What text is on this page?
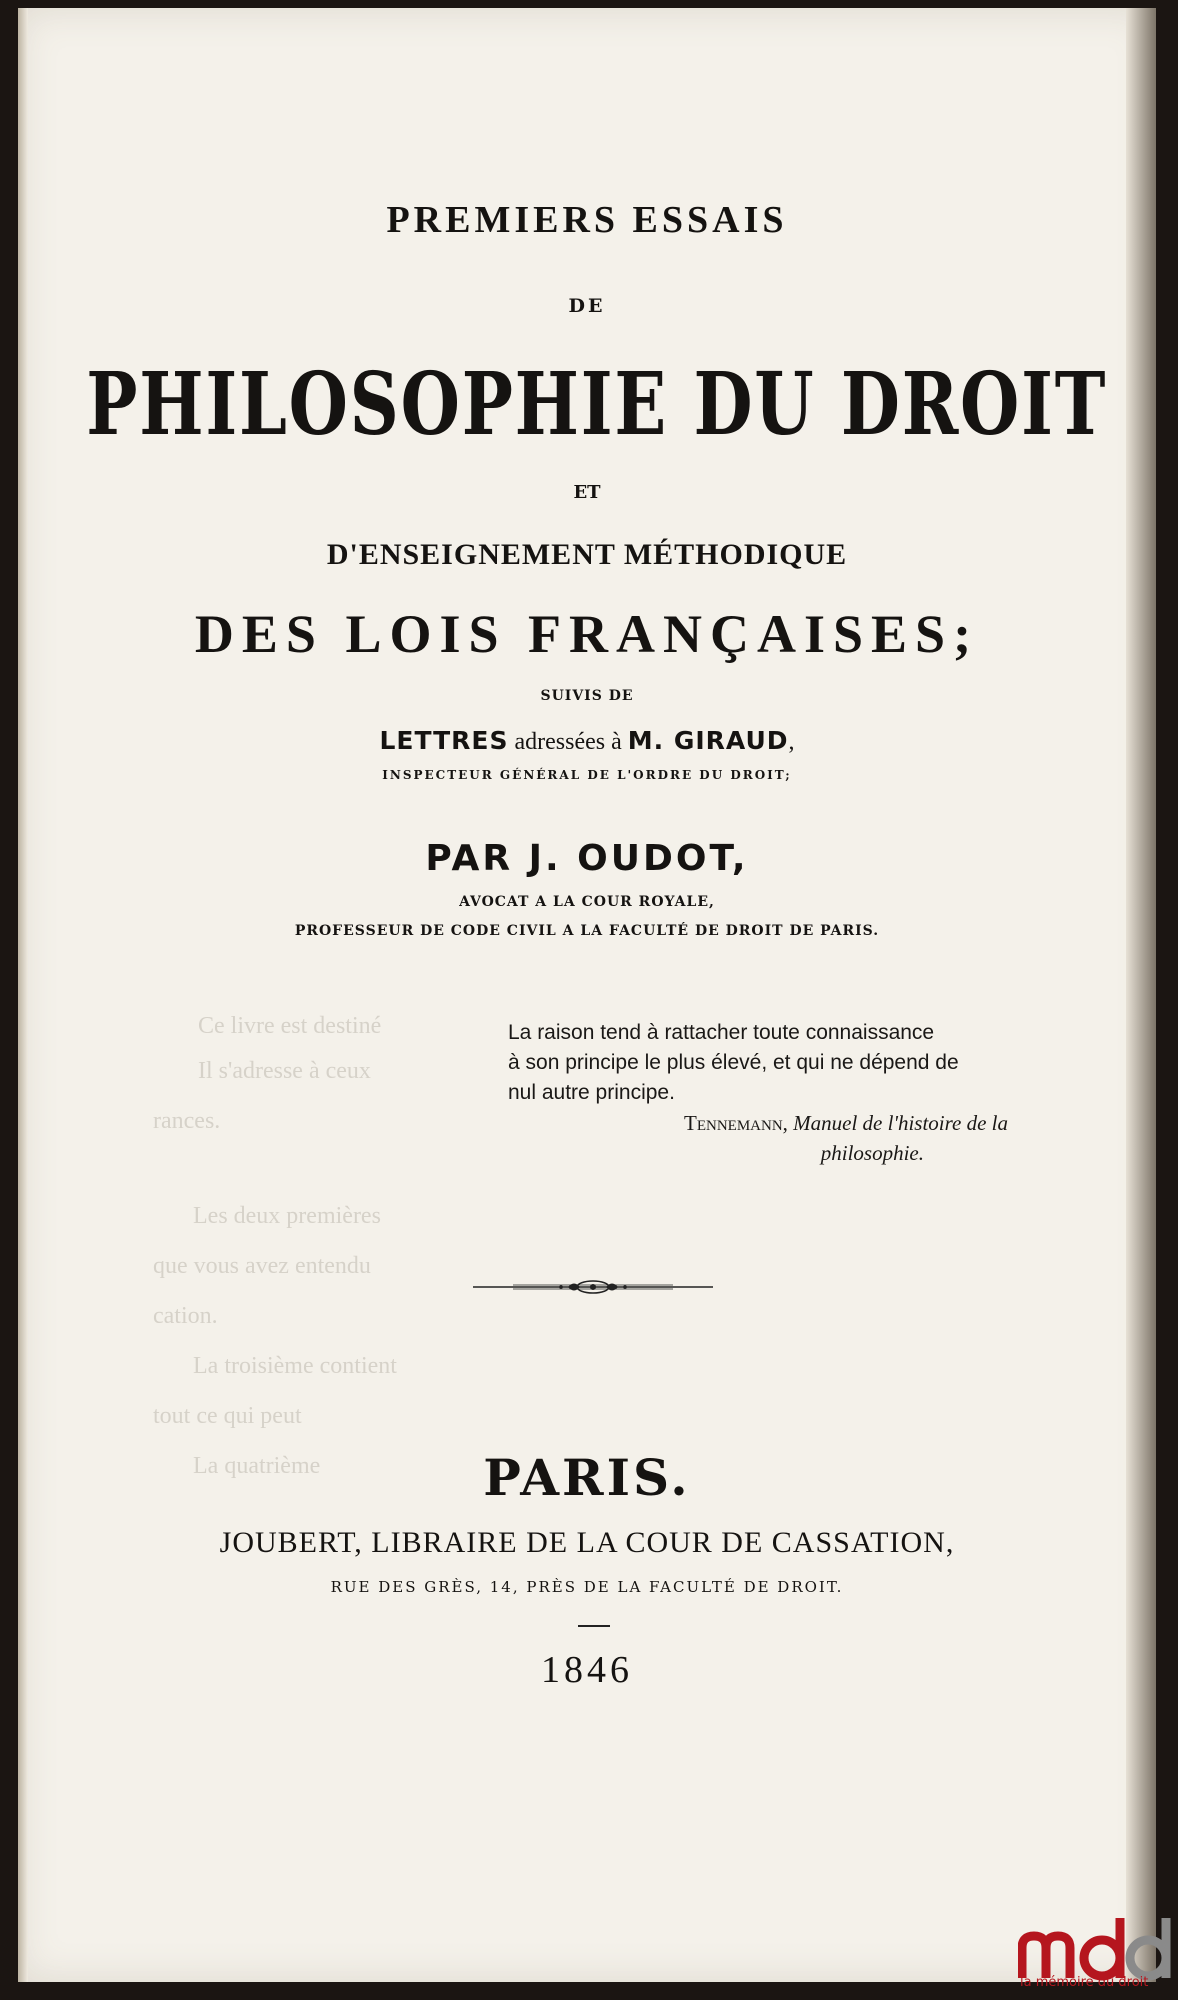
PREMIERS ESSAIS
DE
PHILOSOPHIE DU DROIT
ET
D'ENSEIGNEMENT MÉTHODIQUE
DES LOIS FRANÇAISES;
SUIVIS DE
LETTRES adressées à M. GIRAUD,
INSPECTEUR GÉNÉRAL DE L'ORDRE DU DROIT;
PAR J. OUDOT,
AVOCAT A LA COUR ROYALE,
PROFESSEUR DE CODE CIVIL A LA FACULTÉ DE DROIT DE PARIS.
Ce livre est destiné
Il s'adresse à ceux
rances.
Les deux premières
que vous avez entendu
cation.
La troisième contient
tout ce qui peut
La quatrième
La raison tend à rattacher toute connaissance
à son principe le plus élevé, et qui ne dépend de
nul autre principe.
Tennemann, Manuel de l'histoire de la
philosophie.
PARIS.
JOUBERT, LIBRAIRE DE LA COUR DE CASSATION,
RUE DES GRÈS, 14, PRÈS DE LA FACULTÉ DE DROIT.
1846
la mémoire du droit
